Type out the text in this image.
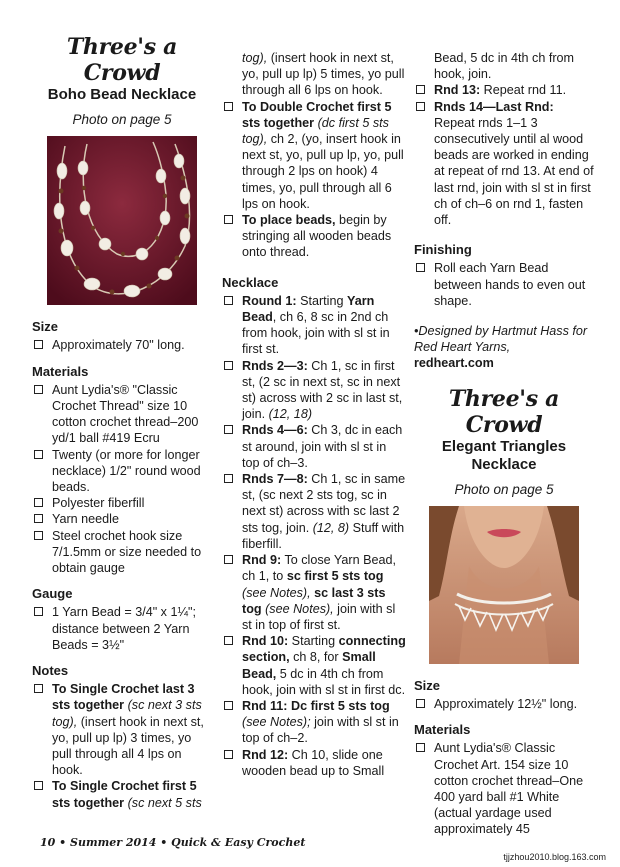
Three's a Crowd
Boho Bead Necklace
Photo on page 5
Size
Approximately 70" long.
Materials
Aunt Lydia's® "Classic Crochet Thread" size 10 cotton crochet thread–200 yd/1 ball #419 Ecru
Twenty (or more for longer necklace) 1/2" round wood beads.
Polyester fiberfill
Yarn needle
Steel crochet hook size 7/1.5mm or size needed to obtain gauge
Gauge
1 Yarn Bead = 3/4" x 1¼"; distance between 2 Yarn Beads = 3½"
Notes
To Single Crochet last 3 sts together (sc next 3 sts tog), (insert hook in next st, yo, pull up lp) 3 times, yo pull through all 4 lps on hook.
To Single Crochet first 5 sts together (sc next 5 sts
tog), (insert hook in next st, yo, pull up lp) 5 times, yo pull through all 6 lps on hook.
To Double Crochet first 5 sts together (dc first 5 sts tog), ch 2, (yo, insert hook in next st, yo, pull up lp, yo, pull through 2 lps on hook) 4 times, yo, pull through all 6 lps on hook.
To place beads, begin by stringing all wooden beads onto thread.
Necklace
Round 1: Starting Yarn Bead, ch 6, 8 sc in 2nd ch from hook, join with sl st in first st.
Rnds 2—3: Ch 1, sc in first st, (2 sc in next st, sc in next st) across with 2 sc in last st, join. (12, 18)
Rnds 4—6: Ch 3, dc in each st around, join with sl st in top of ch–3.
Rnds 7—8: Ch 1, sc in same st, (sc next 2 sts tog, sc in next st) across with sc last 2 sts tog, join. (12, 8) Stuff with fiberfill.
Rnd 9: To close Yarn Bead, ch 1, to sc first 5 sts tog (see Notes), sc last 3 sts tog (see Notes), join with sl st in top of first st.
Rnd 10: Starting connecting section, ch 8, for Small Bead, 5 dc in 4th ch from hook, join with sl st in first dc.
Rnd 11: Dc first 5 sts tog (see Notes); join with sl st in top of ch–2.
Rnd 12: Ch 10, slide one wooden bead up to Small
Bead, 5 dc in 4th ch from hook, join.
Rnd 13: Repeat rnd 11.
Rnds 14—Last Rnd: Repeat rnds 1–1 3 consecutively until al wood beads are worked in ending at repeat of rnd 13. At end of last rnd, join with sl st in first ch of ch–6 on rnd 1, fasten off.
Finishing
Roll each Yarn Bead between hands to even out shape.
•Designed by Hartmut Hass for Red Heart Yarns,
redheart.com
Three's a Crowd
Elegant Triangles Necklace
Photo on page 5
Size
Approximately 12½" long.
Materials
Aunt Lydia's® Classic Crochet Art. 154 size 10 cotton crochet thread–One 400 yard ball #1 White (actual yardage used approximately 45
10 • Summer 2014 • Quick & Easy Crochet
tjjzhou2010.blog.163.com
